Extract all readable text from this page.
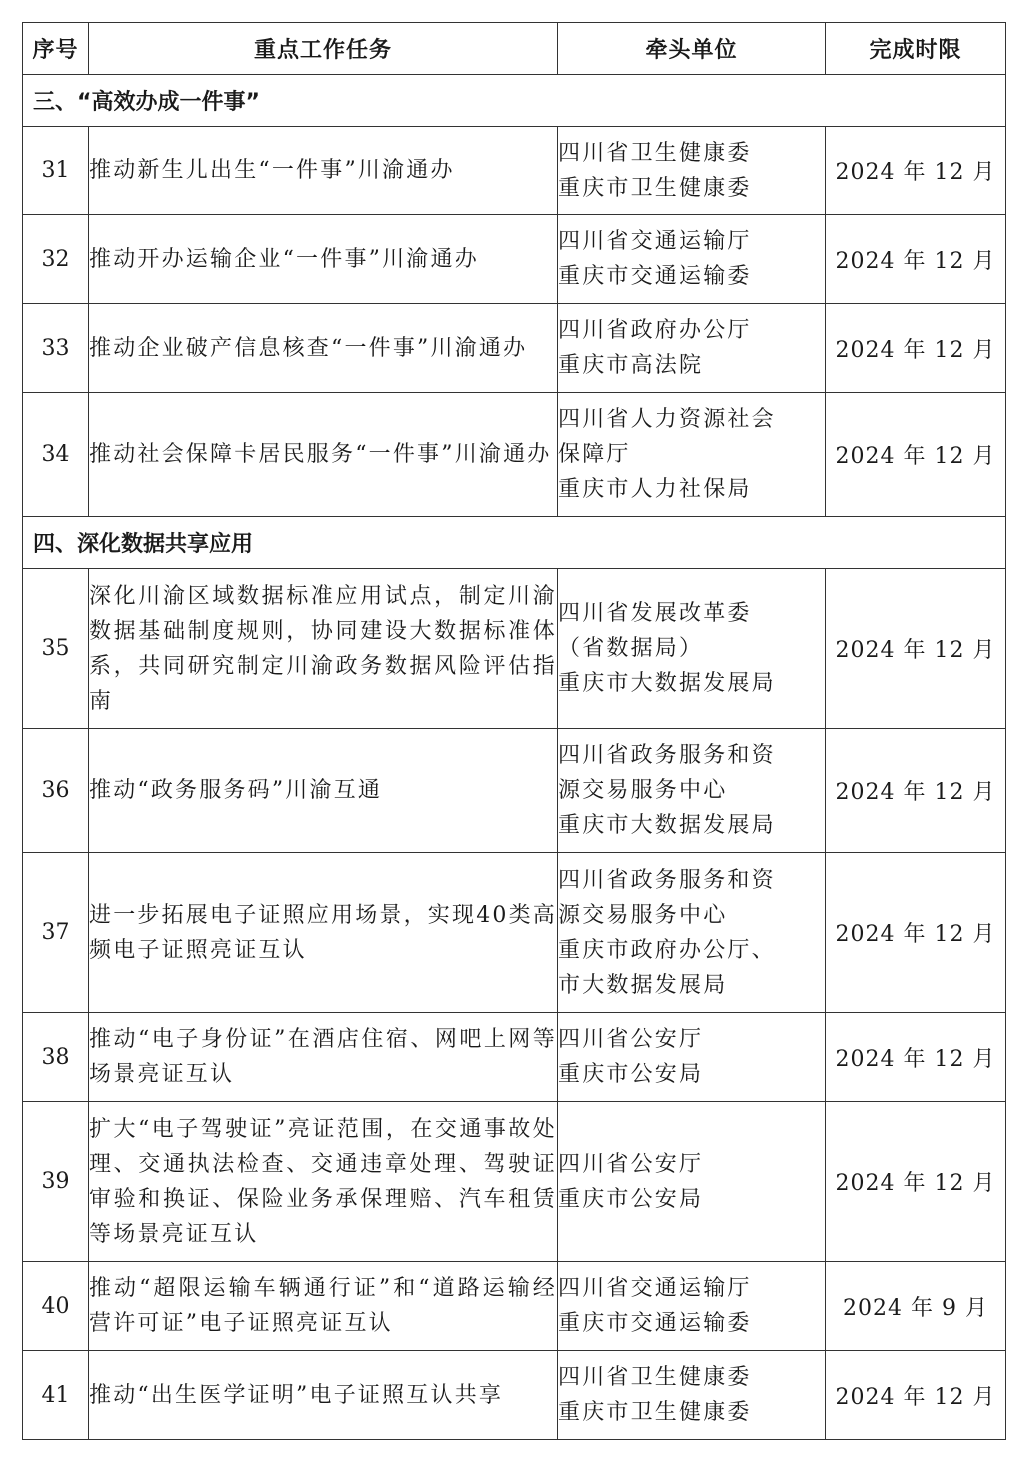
序号	重点工作任务	牵头单位	完成时限
三、“高效办成一件事”			
31	推动新生儿出生“一件事”川渝通办	四川省卫生健康委
重庆市卫生健康委	2024 年 12 月
32	推动开办运输企业“一件事”川渝通办	四川省交通运输厅
重庆市交通运输委	2024 年 12 月
33	推动企业破产信息核查“一件事”川渝通办	四川省政府办公厅
重庆市高法院	2024 年 12 月
34	推动社会保障卡居民服务“一件事”川渝通办	四川省人力资源社会
保障厅
重庆市人力社保局	2024 年 12 月
四、深化数据共享应用			
35	深化川渝区域数据标准应用试点，制定川渝数据基础制度规则，协同建设大数据标准体系，共同研究制定川渝政务数据风险评估指南	四川省发展改革委
（省数据局）
重庆市大数据发展局	2024 年 12 月
36	推动“政务服务码”川渝互通	四川省政务服务和资
源交易服务中心
重庆市大数据发展局	2024 年 12 月
37	进一步拓展电子证照应用场景，实现40类高频电子证照亮证互认	四川省政务服务和资
源交易服务中心
重庆市政府办公厅、
市大数据发展局	2024 年 12 月
38	推动“电子身份证”在酒店住宿、网吧上网等场景亮证互认	四川省公安厅
重庆市公安局	2024 年 12 月
39	扩大“电子驾驶证”亮证范围，在交通事故处理、交通执法检查、交通违章处理、驾驶证审验和换证、保险业务承保理赔、汽车租赁等场景亮证互认	四川省公安厅
重庆市公安局	2024 年 12 月
40	推动“超限运输车辆通行证”和“道路运输经营许可证”电子证照亮证互认	四川省交通运输厅
重庆市交通运输委	2024 年 9 月
41	推动“出生医学证明”电子证照互认共享	四川省卫生健康委
重庆市卫生健康委	2024 年 12 月
